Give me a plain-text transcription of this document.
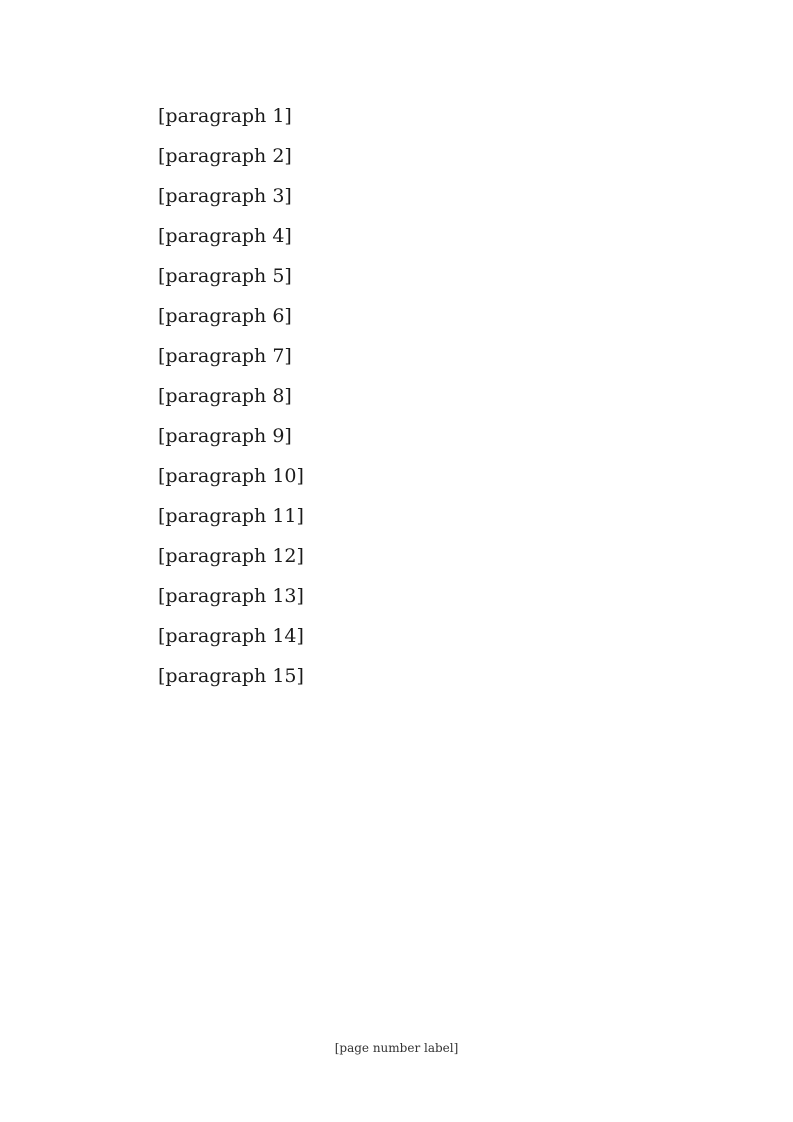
[paragraph 1]

[paragraph 2]

[paragraph 3]

[paragraph 4]

[paragraph 5]

[paragraph 6]

[paragraph 7]

[paragraph 8]

[paragraph 9]

[paragraph 10]

[paragraph 11]

[paragraph 12]

[paragraph 13]

[paragraph 14]

[paragraph 15]

[page number label]
